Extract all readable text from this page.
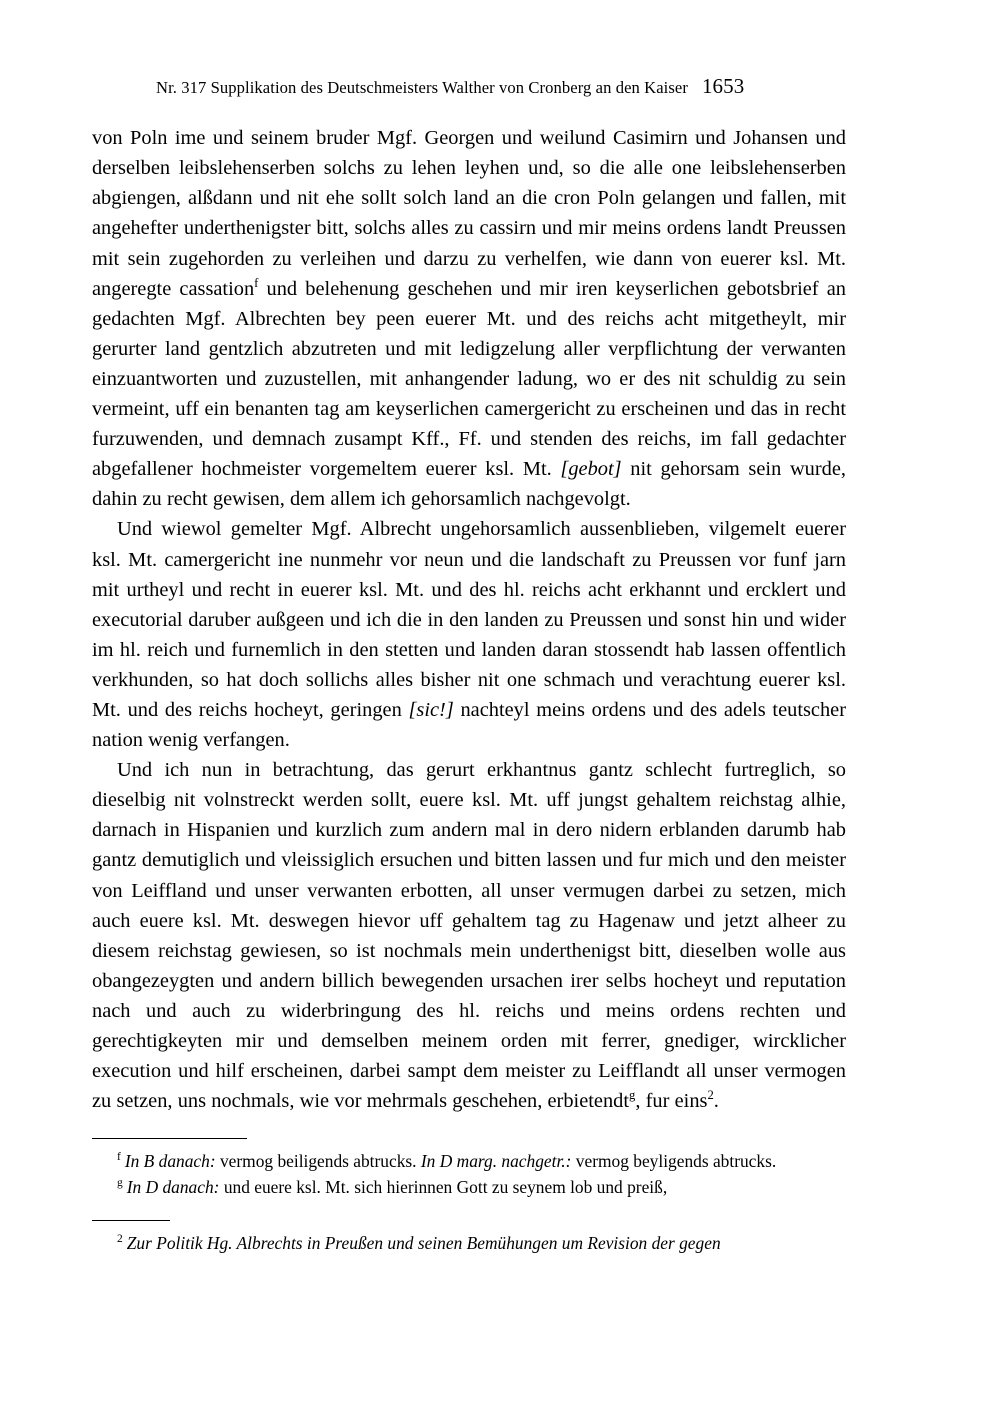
Nr. 317 Supplikation des Deutschmeisters Walther von Cronberg an den Kaiser 1653

von Poln ime und seinem bruder Mgf. Georgen und weilund Casimirn und Johansen und derselben leibslehenserben solchs zu lehen leyhen und, so die alle one leibslehenserben abgiengen, alßdann und nit ehe sollt solch land an die cron Poln gelangen und fallen, mit angehefter underthenigster bitt, solchs alles zu cassirn und mir meins ordens landt Preussen mit sein zugehorden zu verleihen und darzu zu verhelfen, wie dann von euerer ksl. Mt. angeregte cassation$^f$ und belehenung geschehen und mir iren keyserlichen gebotsbrief an gedachten Mgf. Albrechten bey peen euerer Mt. und des reichs acht mitgetheylt, mir gerurter land gentzlich abzutreten und mit ledigzelung aller verpflichtung der verwanten einzuantworten und zuzustellen, mit anhangender ladung, wo er des nit schuldig zu sein vermeint, uff ein benanten tag am keyserlichen camergericht zu erscheinen und das in recht furzuwenden, und demnach zusampt Kff., Ff. und stenden des reichs, im fall gedachter abgefallener hochmeister vorgemeltem euerer ksl. Mt. [gebot] nit gehorsam sein wurde, dahin zu recht gewisen, dem allem ich gehorsamlich nachgevolgt.

Und wiewol gemelter Mgf. Albrecht ungehorsamlich aussenblieben, vilgemelt euerer ksl. Mt. camergericht ine nunmehr vor neun und die landschaft zu Preussen vor funf jarn mit urtheyl und recht in euerer ksl. Mt. und des hl. reichs acht erkhannt und ercklert und executorial daruber außgeen und ich die in den landen zu Preussen und sonst hin und wider im hl. reich und furnemlich in den stetten und landen daran stossendt hab lassen offentlich verkhunden, so hat doch sollichs alles bisher nit one schmach und verachtung euerer ksl. Mt. und des reichs hocheyt, geringen [sic!] nachteyl meins ordens und des adels teutscher nation wenig verfangen.

Und ich nun in betrachtung, das gerurt erkhantnus gantz schlecht furtreglich, so dieselbig nit volnstreckt werden sollt, euere ksl. Mt. uff jungst gehaltem reichstag alhie, darnach in Hispanien und kurzlich zum andern mal in dero nidern erblanden darumb hab gantz demutiglich und vleissiglich ersuchen und bitten lassen und fur mich und den meister von Leiffland und unser verwanten erbotten, all unser vermugen darbei zu setzen, mich auch euere ksl. Mt. deswegen hievor uff gehaltem tag zu Hagenaw und jetzt alheer zu diesem reichstag gewiesen, so ist nochmals mein underthenigst bitt, dieselben wolle aus obangezeygten und andern billich bewegenden ursachen irer selbs hocheyt und reputation nach und auch zu widerbringung des hl. reichs und meins ordens rechten und gerechtigkeyten mir und demselben meinem orden mit ferrer, gnediger, wircklicher execution und hilf erscheinen, darbei sampt dem meister zu Leifflandt all unser vermogen zu setzen, uns nochmals, wie vor mehrmals geschehen, erbietendt$^g$, fur eins$^2$.

$^f$ In B danach: vermog beiligends abtrucks. In D marg. nachgetr.: vermog beyligends abtrucks.

$^g$ In D danach: und euere ksl. Mt. sich hierinnen Gott zu seynem lob und preiß,

$^2$ Zur Politik Hg. Albrechts in Preußen und seinen Bemühungen um Revision der gegen
